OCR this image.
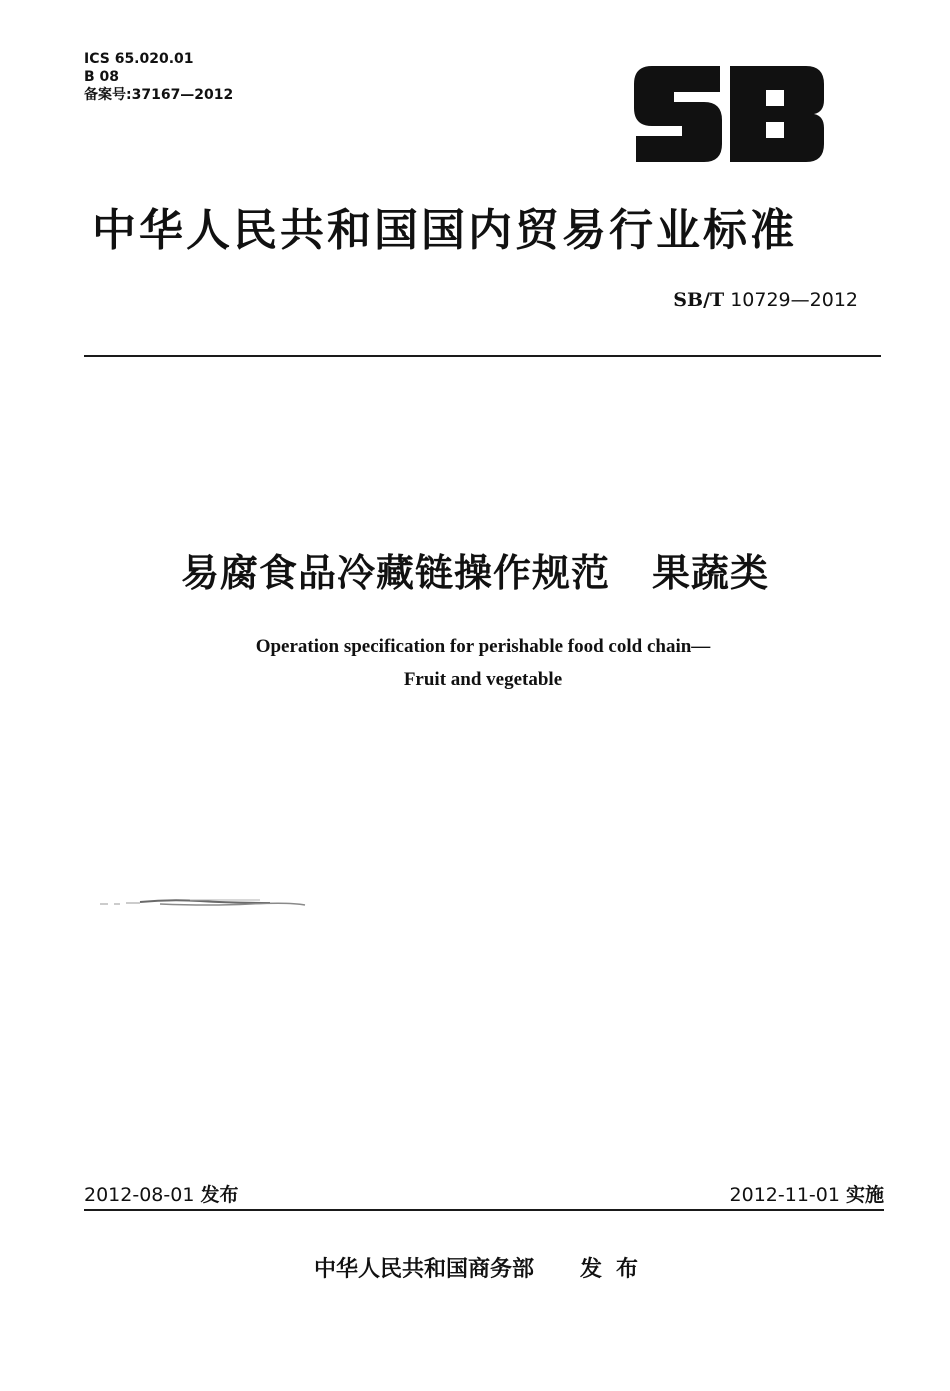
ICS 65.020.01
B 08
备案号:37167—2012
中华人民共和国国内贸易行业标准
SB/T 10729—2012
易腐食品冷藏链操作规范 果蔬类
Operation specification for perishable food cold chain—
Fruit and vegetable
2012-08-01 发布	2012-11-01 实施
中华人民共和国商务部 发布
